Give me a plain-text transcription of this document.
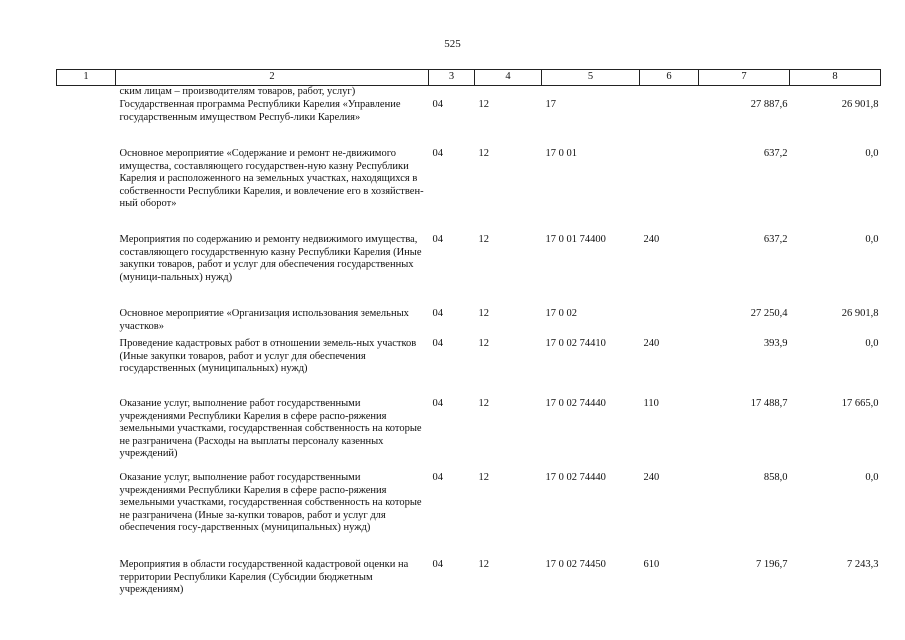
525
1	2	3	4	5	6	7	8
	ским лицам – производителям товаров, работ, услуг)						
	Государственная программа Республики Карелия «Управление государственным имуществом Респуб-лики Карелия»	04	12	17		27 887,6	26 901,8
	Основное мероприятие «Содержание и ремонт не-движимого имущества, составляющего государствен-ную казну Республики Карелия и расположенного на земельных участках, находящихся в собственности Республики Карелия, и вовлечение его в хозяйствен-ный оборот»	04	12	17 0 01		637,2	0,0
	Мероприятия по содержанию и ремонту недвижимого имущества, составляющего государственную казну Республики Карелия (Иные закупки товаров, работ и услуг для обеспечения государственных (муници-пальных) нужд)	04	12	17 0 01 74400	240	637,2	0,0
	Основное мероприятие «Организация использования земельных участков»	04	12	17 0 02		27 250,4	26 901,8
	Проведение кадастровых работ в отношении земель-ных участков (Иные закупки товаров, работ и услуг для обеспечения государственных (муниципальных) нужд)	04	12	17 0 02 74410	240	393,9	0,0
	Оказание услуг, выполнение работ государственными учреждениями Республики Карелия в сфере распо-ряжения земельными участками, государственная собственность на которые не разграничена (Расходы на выплаты персоналу казенных учреждений)	04	12	17 0 02 74440	110	17 488,7	17 665,0
	Оказание услуг, выполнение работ государственными учреждениями Республики Карелия в сфере распо-ряжения земельными участками, государственная собственность на которые не разграничена (Иные за-купки товаров, работ и услуг для обеспечения госу-дарственных (муниципальных) нужд)	04	12	17 0 02 74440	240	858,0	0,0
	Мероприятия в области государственной кадастровой оценки на территории Республики Карелия (Субсидии бюджетным учреждениям)	04	12	17 0 02 74450	610	7 196,7	7 243,3
